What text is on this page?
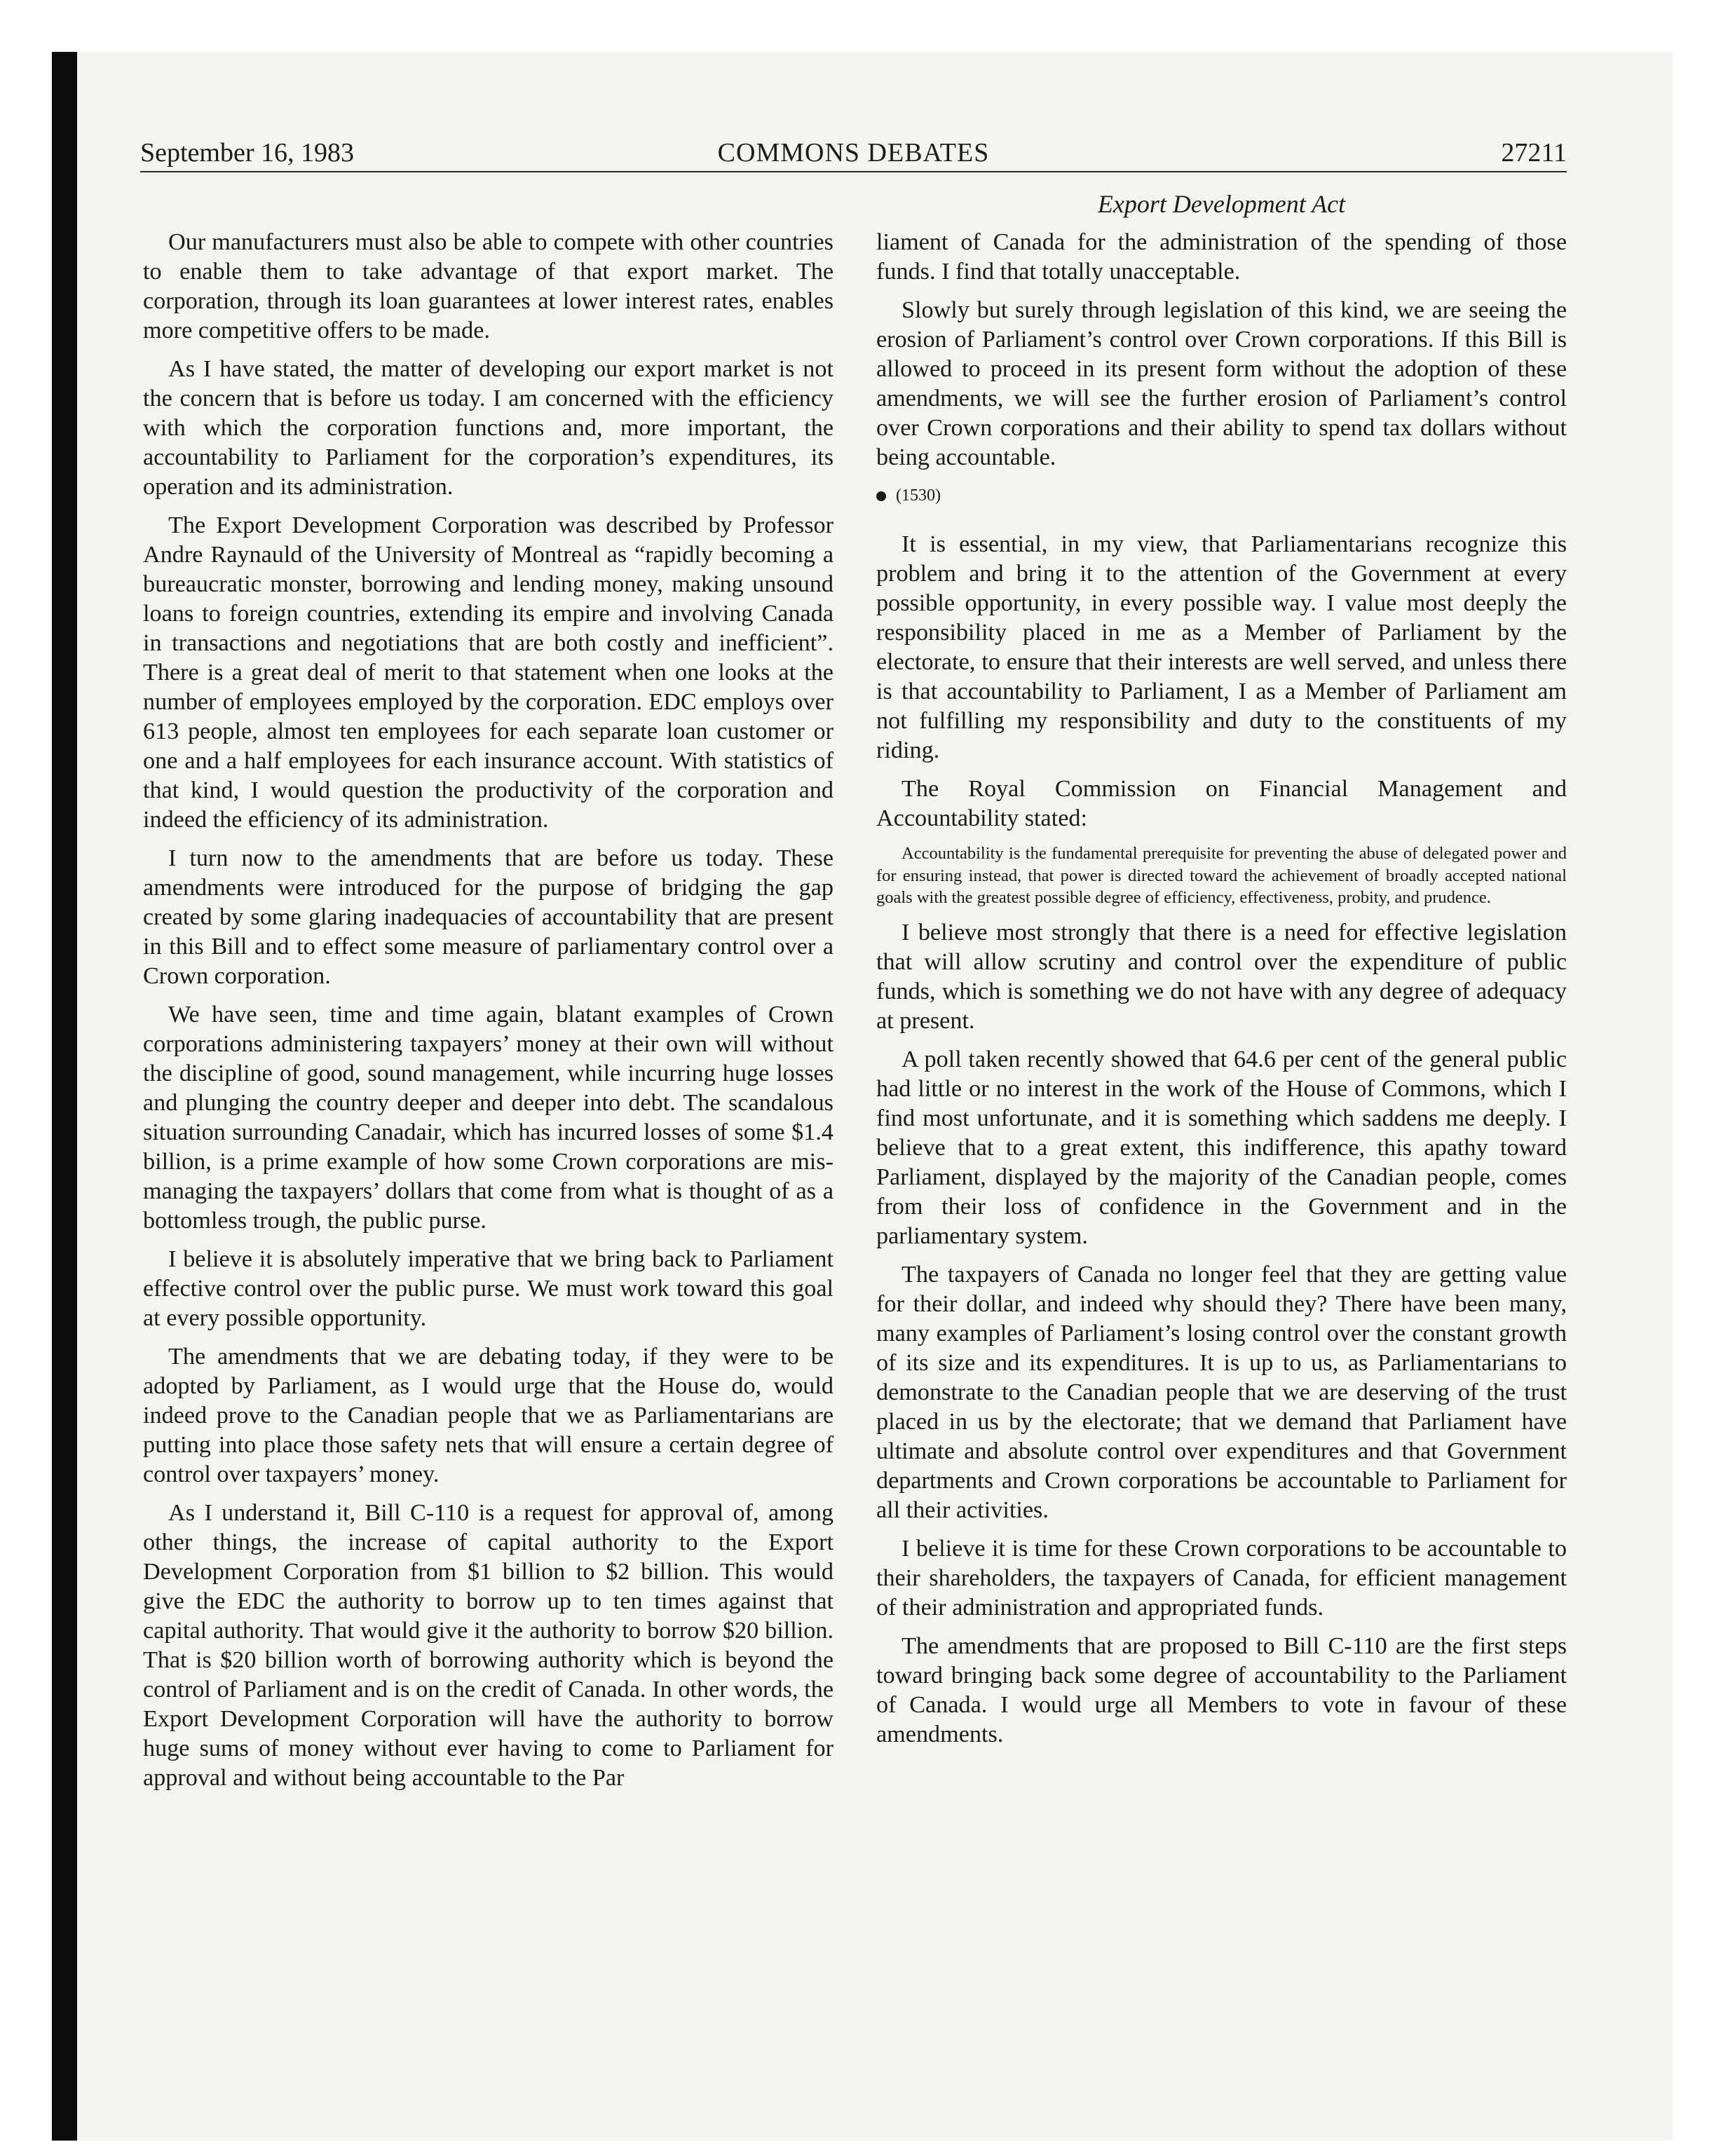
September 16, 1983	COMMONS DEBATES	27211
Export Development Act

Our manufacturers must also be able to compete with other countries to enable them to take advantage of that export market. The corporation, through its loan guarantees at lower interest rates, enables more competitive offers to be made.

As I have stated, the matter of developing our export market is not the concern that is before us today. I am concerned with the efficiency with which the corporation functions and, more important, the accountability to Parliament for the corporation’s expenditures, its operation and its administration.

The Export Development Corporation was described by Professor Andre Raynauld of the University of Montreal as “rapidly becoming a bureaucratic monster, borrowing and lending money, making unsound loans to foreign countries, extending its empire and involving Canada in transactions and negotiations that are both costly and inefficient”. There is a great deal of merit to that statement when one looks at the number of employees employed by the corporation. EDC employs over 613 people, almost ten employees for each separate loan customer or one and a half employees for each insurance account. With statistics of that kind, I would question the productivity of the corporation and indeed the efficiency of its administration.

I turn now to the amendments that are before us today. These amendments were introduced for the purpose of bridging the gap created by some glaring inadequacies of accountability that are present in this Bill and to effect some measure of parliamentary control over a Crown corporation.

We have seen, time and time again, blatant examples of Crown corporations administering taxpayers’ money at their own will without the discipline of good, sound management, while incurring huge losses and plunging the country deeper and deeper into debt. The scandalous situation surrounding Canadair, which has incurred losses of some $1.4 billion, is a prime example of how some Crown corporations are mismanaging the taxpayers’ dollars that come from what is thought of as a bottomless trough, the public purse.

I believe it is absolutely imperative that we bring back to Parliament effective control over the public purse. We must work toward this goal at every possible opportunity.

The amendments that we are debating today, if they were to be adopted by Parliament, as I would urge that the House do, would indeed prove to the Canadian people that we as Parliamentarians are putting into place those safety nets that will ensure a certain degree of control over taxpayers’ money.

As I understand it, Bill C-110 is a request for approval of, among other things, the increase of capital authority to the Export Development Corporation from $1 billion to $2 billion. This would give the EDC the authority to borrow up to ten times against that capital authority. That would give it the authority to borrow $20 billion. That is $20 billion worth of borrowing authority which is beyond the control of Parliament and is on the credit of Canada. In other words, the Export Development Corporation will have the authority to borrow huge sums of money without ever having to come to Parliament for approval and without being accountable to the Par

liament of Canada for the administration of the spending of those funds. I find that totally unacceptable.

Slowly but surely through legislation of this kind, we are seeing the erosion of Parliament’s control over Crown corporations. If this Bill is allowed to proceed in its present form without the adoption of these amendments, we will see the further erosion of Parliament’s control over Crown corporations and their ability to spend tax dollars without being accountable.

(1530)

It is essential, in my view, that Parliamentarians recognize this problem and bring it to the attention of the Government at every possible opportunity, in every possible way. I value most deeply the responsibility placed in me as a Member of Parliament by the electorate, to ensure that their interests are well served, and unless there is that accountability to Parliament, I as a Member of Parliament am not fulfilling my responsibility and duty to the constituents of my riding.

The Royal Commission on Financial Management and Accountability stated:

Accountability is the fundamental prerequisite for preventing the abuse of delegated power and for ensuring instead, that power is directed toward the achievement of broadly accepted national goals with the greatest possible degree of efficiency, effectiveness, probity, and prudence.

I believe most strongly that there is a need for effective legislation that will allow scrutiny and control over the expenditure of public funds, which is something we do not have with any degree of adequacy at present.

A poll taken recently showed that 64.6 per cent of the general public had little or no interest in the work of the House of Commons, which I find most unfortunate, and it is something which saddens me deeply. I believe that to a great extent, this indifference, this apathy toward Parliament, displayed by the majority of the Canadian people, comes from their loss of confidence in the Government and in the parliamentary system.

The taxpayers of Canada no longer feel that they are getting value for their dollar, and indeed why should they? There have been many, many examples of Parliament’s losing control over the constant growth of its size and its expenditures. It is up to us, as Parliamentarians to demonstrate to the Canadian people that we are deserving of the trust placed in us by the electorate; that we demand that Parliament have ultimate and absolute control over expenditures and that Government departments and Crown corporations be accountable to Parliament for all their activities.

I believe it is time for these Crown corporations to be accountable to their shareholders, the taxpayers of Canada, for efficient management of their administration and appropriated funds.

The amendments that are proposed to Bill C-110 are the first steps toward bringing back some degree of accountability to the Parliament of Canada. I would urge all Members to vote in favour of these amendments.
